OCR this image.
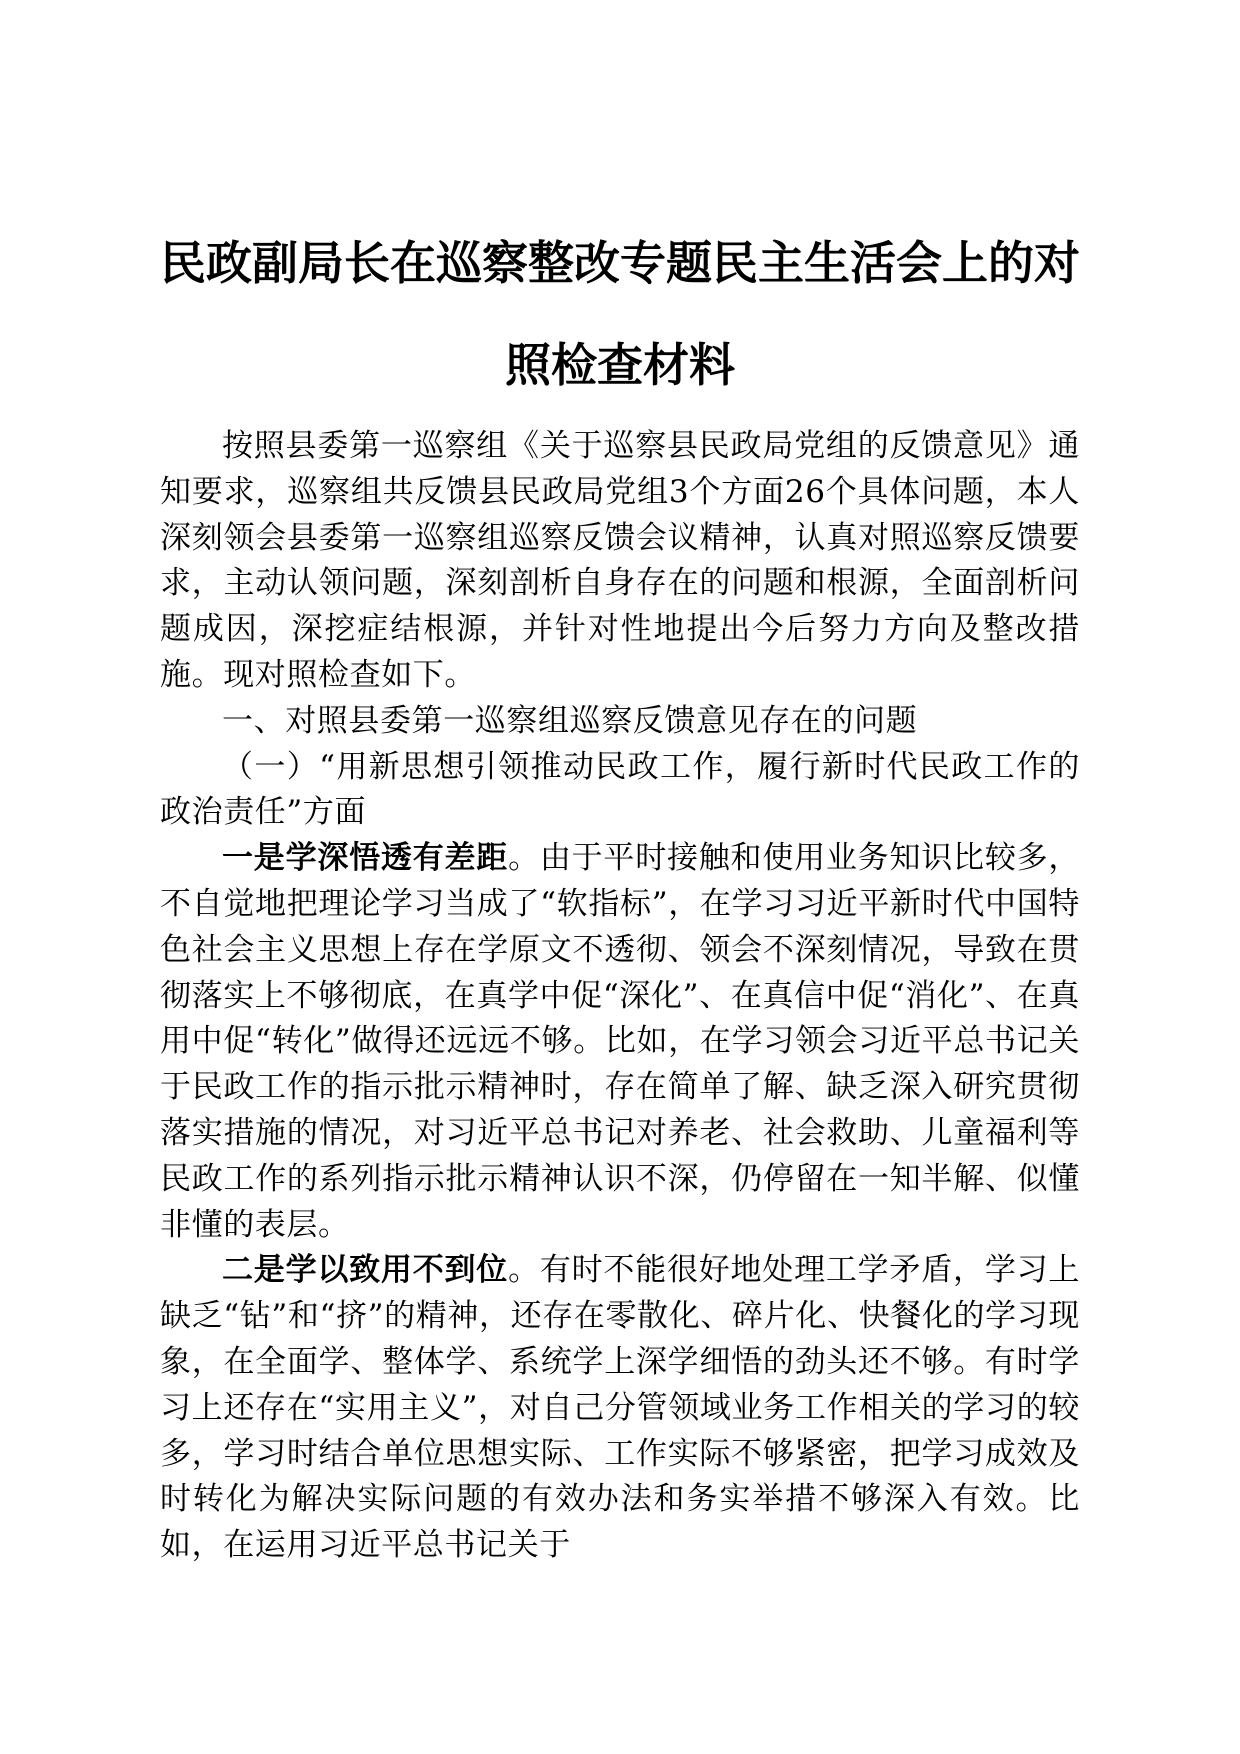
民政副局长在巡察整改专题民主生活会上的对
照检查材料

按照县委第一巡察组《关于巡察县民政局党组的反馈意见》通知要求，巡察组共反馈县民政局党组3个方面26个具体问题，本人深刻领会县委第一巡察组巡察反馈会议精神，认真对照巡察反馈要求，主动认领问题，深刻剖析自身存在的问题和根源，全面剖析问题成因，深挖症结根源，并针对性地提出今后努力方向及整改措施。现对照检查如下。

一、对照县委第一巡察组巡察反馈意见存在的问题

（一）“用新思想引领推动民政工作，履行新时代民政工作的政治责任”方面

一是学深悟透有差距。由于平时接触和使用业务知识比较多，不自觉地把理论学习当成了“软指标”，在学习习近平新时代中国特色社会主义思想上存在学原文不透彻、领会不深刻情况，导致在贯彻落实上不够彻底，在真学中促“深化”、在真信中促“消化”、在真用中促“转化”做得还远远不够。比如，在学习领会习近平总书记关于民政工作的指示批示精神时，存在简单了解、缺乏深入研究贯彻落实措施的情况，对习近平总书记对养老、社会救助、儿童福利等民政工作的系列指示批示精神认识不深，仍停留在一知半解、似懂非懂的表层。

二是学以致用不到位。有时不能很好地处理工学矛盾，学习上缺乏“钻”和“挤”的精神，还存在零散化、碎片化、快餐化的学习现象，在全面学、整体学、系统学上深学细悟的劲头还不够。有时学习上还存在“实用主义”，对自己分管领域业务工作相关的学习的较多，学习时结合单位思想实际、工作实际不够紧密，把学习成效及时转化为解决实际问题的有效办法和务实举措不够深入有效。比如，在运用习近平总书记关于
